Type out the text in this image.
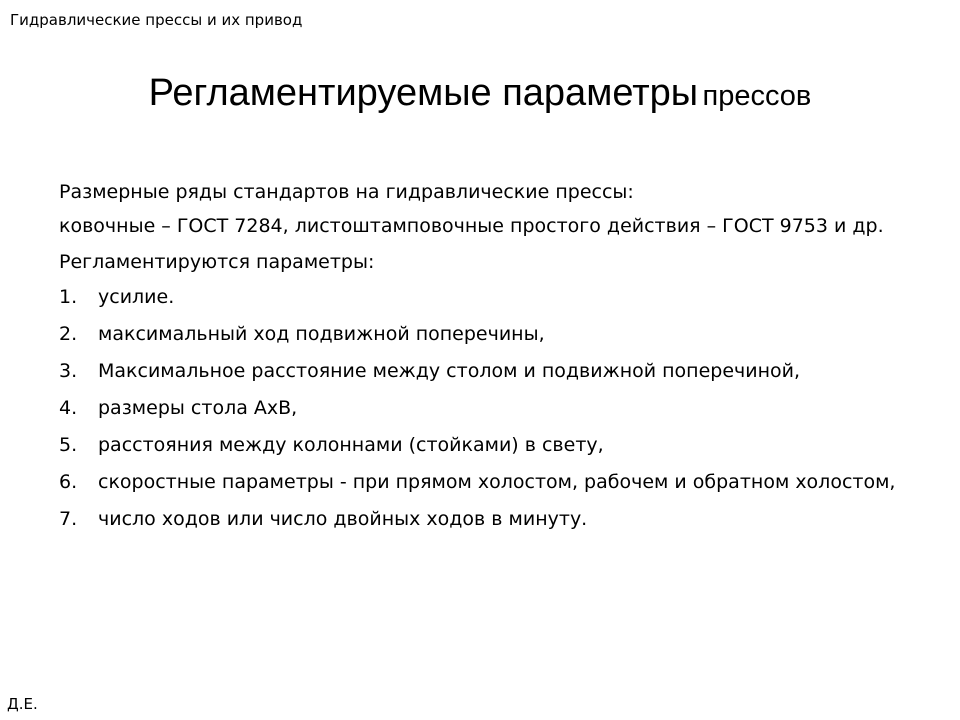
Гидравлические прессы и их привод
Регламентируемые параметры прессов

Размерные ряды стандартов на гидравлические прессы:

ковочные – ГОСТ 7284, листоштамповочные простого действия – ГОСТ 9753 и др.

Регламентируются параметры:

1.	усилие.
2.	максимальный ход подвижной поперечины,
3.	Максимальное расстояние между столом и подвижной поперечиной,
4.	размеры стола AxB,
5.	расстояния между колоннами (стойками) в свету,
6.	скоростные параметры - при прямом холостом, рабочем и обратном холостом,
7.	число ходов или число двойных ходов в минуту.
Д.Е.
